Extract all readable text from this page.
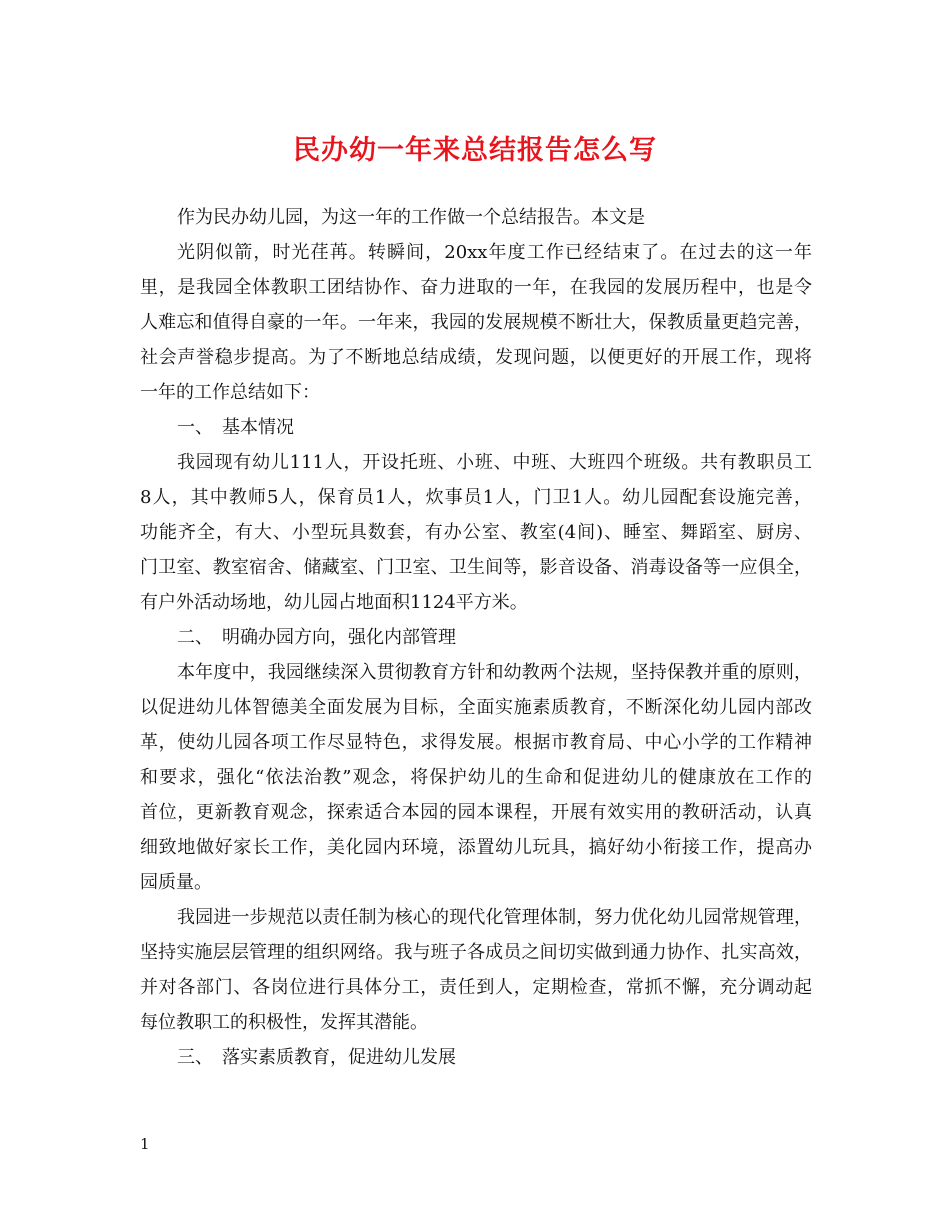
民办幼一年来总结报告怎么写
作为民办幼儿园，为这一年的工作做一个总结报告。本文是
光阴似箭，时光荏苒。转瞬间，20xx年度工作已经结束了。在过去的这一年
里，是我园全体教职工团结协作、奋力进取的一年，在我园的发展历程中，也是令
人难忘和值得自豪的一年。一年来，我园的发展规模不断壮大，保教质量更趋完善，
社会声誉稳步提高。为了不断地总结成绩，发现问题，以便更好的开展工作，现将
一年的工作总结如下：
一、　基本情况
我园现有幼儿111人，开设托班、小班、中班、大班四个班级。共有教职员工
8人，其中教师5人，保育员1人，炊事员1人，门卫1人。幼儿园配套设施完善，
功能齐全，有大、小型玩具数套，有办公室、教室(4间)、睡室、舞蹈室、厨房、
门卫室、教室宿舍、储藏室、门卫室、卫生间等，影音设备、消毒设备等一应俱全，
有户外活动场地，幼儿园占地面积1124平方米。
二、　明确办园方向，强化内部管理
本年度中，我园继续深入贯彻教育方针和幼教两个法规，坚持保教并重的原则，
以促进幼儿体智德美全面发展为目标，全面实施素质教育，不断深化幼儿园内部改
革，使幼儿园各项工作尽显特色，求得发展。根据市教育局、中心小学的工作精神
和要求，强化“依法治教”观念，将保护幼儿的生命和促进幼儿的健康放在工作的
首位，更新教育观念，探索适合本园的园本课程，开展有效实用的教研活动，认真
细致地做好家长工作，美化园内环境，添置幼儿玩具，搞好幼小衔接工作，提高办
园质量。
我园进一步规范以责任制为核心的现代化管理体制，努力优化幼儿园常规管理，
坚持实施层层管理的组织网络。我与班子各成员之间切实做到通力协作、扎实高效，
并对各部门、各岗位进行具体分工，责任到人，定期检查，常抓不懈，充分调动起
每位教职工的积极性，发挥其潜能。
三、　落实素质教育，促进幼儿发展
1
